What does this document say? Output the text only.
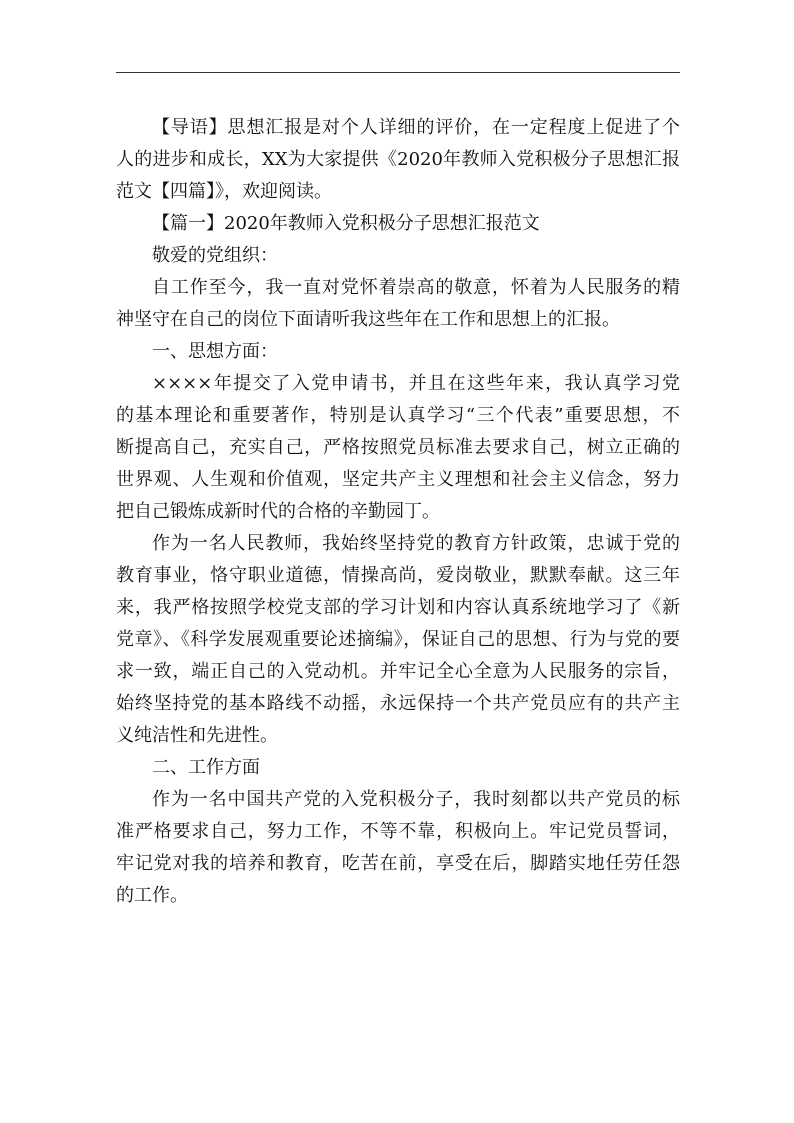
【导语】思想汇报是对个人详细的评价，在一定程度上促进了个
人的进步和成长，XX为大家提供《2020年教师入党积极分子思想汇报
范文【四篇】》，欢迎阅读。
【篇一】2020年教师入党积极分子思想汇报范文
敬爱的党组织：
自工作至今，我一直对党怀着崇高的敬意，怀着为人民服务的精
神坚守在自己的岗位下面请听我这些年在工作和思想上的汇报。
一、思想方面：
××××年提交了入党申请书，并且在这些年来，我认真学习党
的基本理论和重要著作，特别是认真学习“三个代表”重要思想，不
断提高自己，充实自己，严格按照党员标准去要求自己，树立正确的
世界观、人生观和价值观，坚定共产主义理想和社会主义信念，努力
把自己锻炼成新时代的合格的辛勤园丁。
作为一名人民教师，我始终坚持党的教育方针政策，忠诚于党的
教育事业，恪守职业道德，情操高尚，爱岗敬业，默默奉献。这三年
来，我严格按照学校党支部的学习计划和内容认真系统地学习了《新
党章》、《科学发展观重要论述摘编》，保证自己的思想、行为与党的要
求一致，端正自己的入党动机。并牢记全心全意为人民服务的宗旨，
始终坚持党的基本路线不动摇，永远保持一个共产党员应有的共产主
义纯洁性和先进性。
二、工作方面
作为一名中国共产党的入党积极分子，我时刻都以共产党员的标
准严格要求自己，努力工作，不等不靠，积极向上。牢记党员誓词，
牢记党对我的培养和教育，吃苦在前，享受在后，脚踏实地任劳任怨
的工作。
